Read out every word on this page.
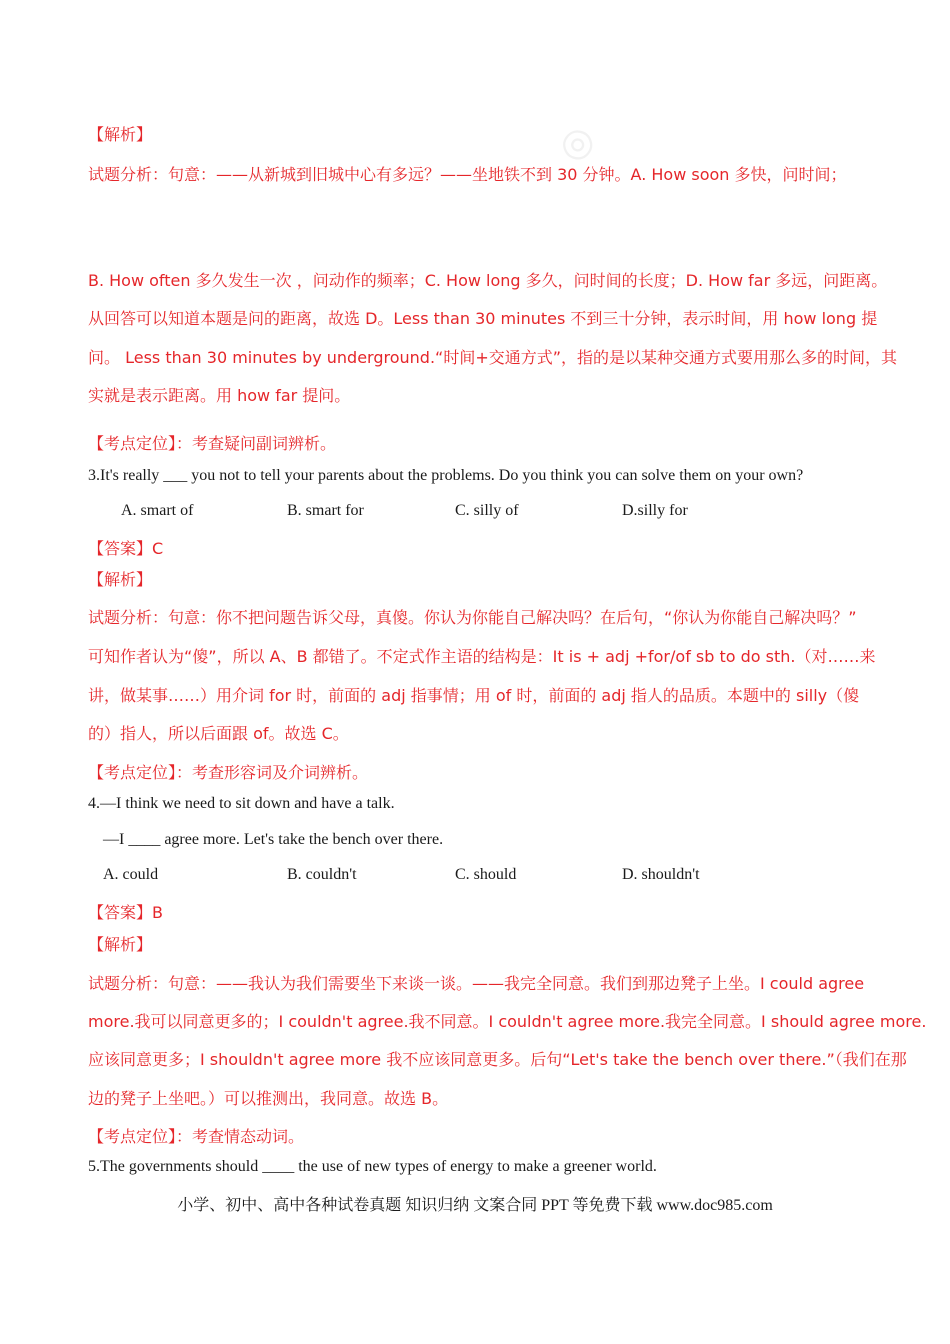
◎
【解析】
试题分析：句意：——从新城到旧城中心有多远？——坐地铁不到 30 分钟。A. How soon 多快，问时间；
B. How often 多久发生一次 ，问动作的频率；C. How long 多久，问时间的长度；D. How far 多远，问距离。
从回答可以知道本题是问的距离，故选 D。Less than 30 minutes 不到三十分钟，表示时间，用 how long 提
问。 Less than 30 minutes by underground.“时间+交通方式”，指的是以某种交通方式要用那么多的时间，其
实就是表示距离。用 how far 提问。
【考点定位】：考查疑问副词辨析。
3.It's really ___ you not to tell your parents about the problems. Do you think you can solve them on your own?
A. smart of	B. smart for	C. silly of	D.silly for
【答案】C
【解析】
试题分析：句意：你不把问题告诉父母，真傻。你认为你能自己解决吗？在后句，“你认为你能自己解决吗？”
可知作者认为“傻”，所以 A、B 都错了。不定式作主语的结构是：It is + adj +for/of sb to do sth.（对……来
讲，做某事……）用介词 for 时，前面的 adj 指事情；用 of 时，前面的 adj 指人的品质。本题中的 silly（傻
的）指人，所以后面跟 of。故选 C。
【考点定位】：考查形容词及介词辨析。
4.—I think we need to sit down and have a talk.
—I ____ agree more. Let's take the bench over there.
A. could	B. couldn't	C. should	D. shouldn't
【答案】B
【解析】
试题分析：句意：——我认为我们需要坐下来谈一谈。——我完全同意。我们到那边凳子上坐。I could agree
more.我可以同意更多的；I couldn't agree.我不同意。I couldn't agree more.我完全同意。I should agree more.
应该同意更多；I shouldn't agree more 我不应该同意更多。后句“Let's take the bench over there.”（我们在那
边的凳子上坐吧。）可以推测出，我同意。故选 B。
【考点定位】：考查情态动词。
5.The governments should ____ the use of new types of energy to make a greener world.
小学、初中、高中各种试卷真题 知识归纳 文案合同 PPT 等免费下载 www.doc985.com
